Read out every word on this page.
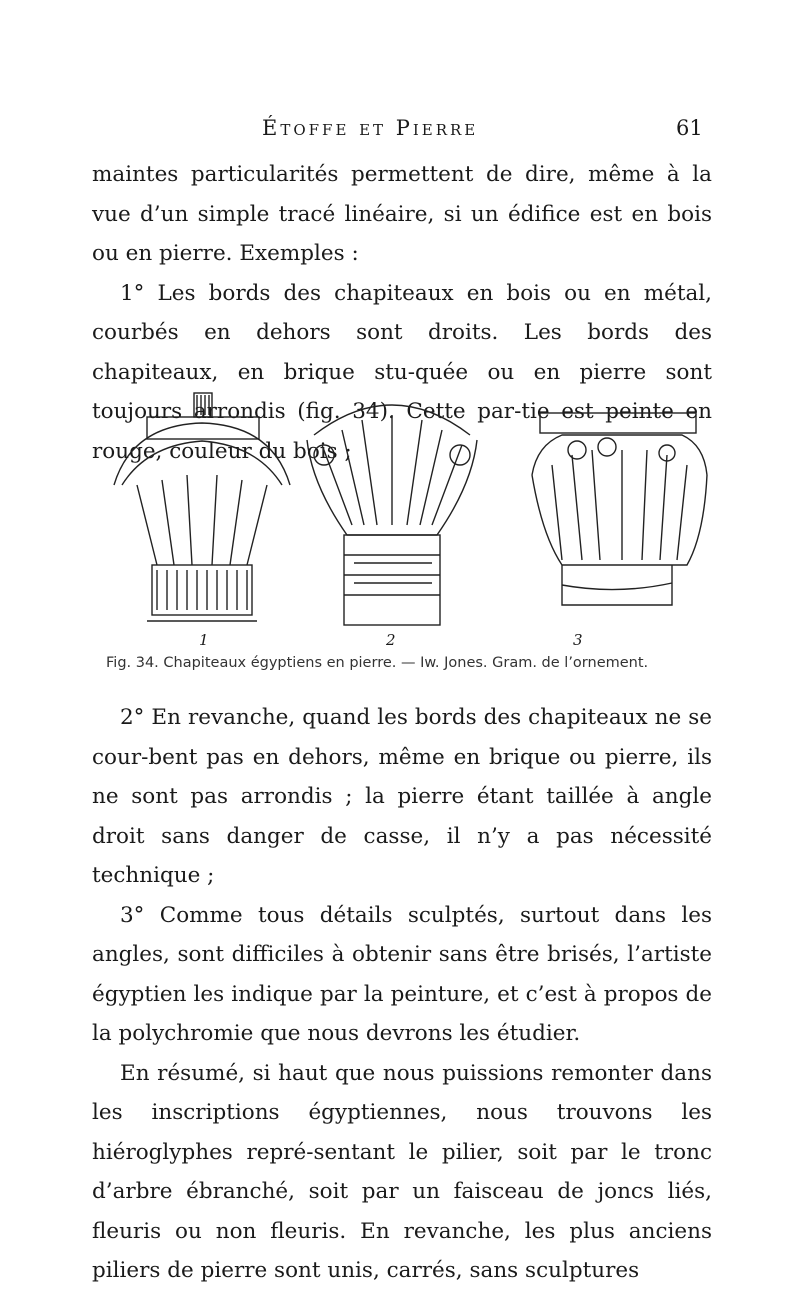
Étoffe et Pierre	61

maintes particularités permettent de dire, même à la vue d’un simple tracé linéaire, si un édifice est en bois ou en pierre. Exemples :

1° Les bords des chapiteaux en bois ou en métal, courbés en dehors sont droits. Les bords des chapiteaux, en brique stu-quée ou en pierre sont toujours arrondis (fig. 34). Cette par-tie est peinte en rouge, couleur du bois ;

1	2	3
Fig. 34. Chapiteaux égyptiens en pierre. — Iw. Jones. Gram. de l’ornement.

2° En revanche, quand les bords des chapiteaux ne se cour-bent pas en dehors, même en brique ou pierre, ils ne sont pas arrondis ; la pierre étant taillée à angle droit sans danger de casse, il n’y a pas nécessité technique ;

3° Comme tous détails sculptés, surtout dans les angles, sont difficiles à obtenir sans être brisés, l’artiste égyptien les indique par la peinture, et c’est à propos de la polychromie que nous devrons les étudier.

En résumé, si haut que nous puissions remonter dans les inscriptions égyptiennes, nous trouvons les hiéroglyphes repré-sentant le pilier, soit par le tronc d’arbre ébranché, soit par un faisceau de joncs liés, fleuris ou non fleuris. En revanche, les plus anciens piliers de pierre sont unis, carrés, sans sculptures
